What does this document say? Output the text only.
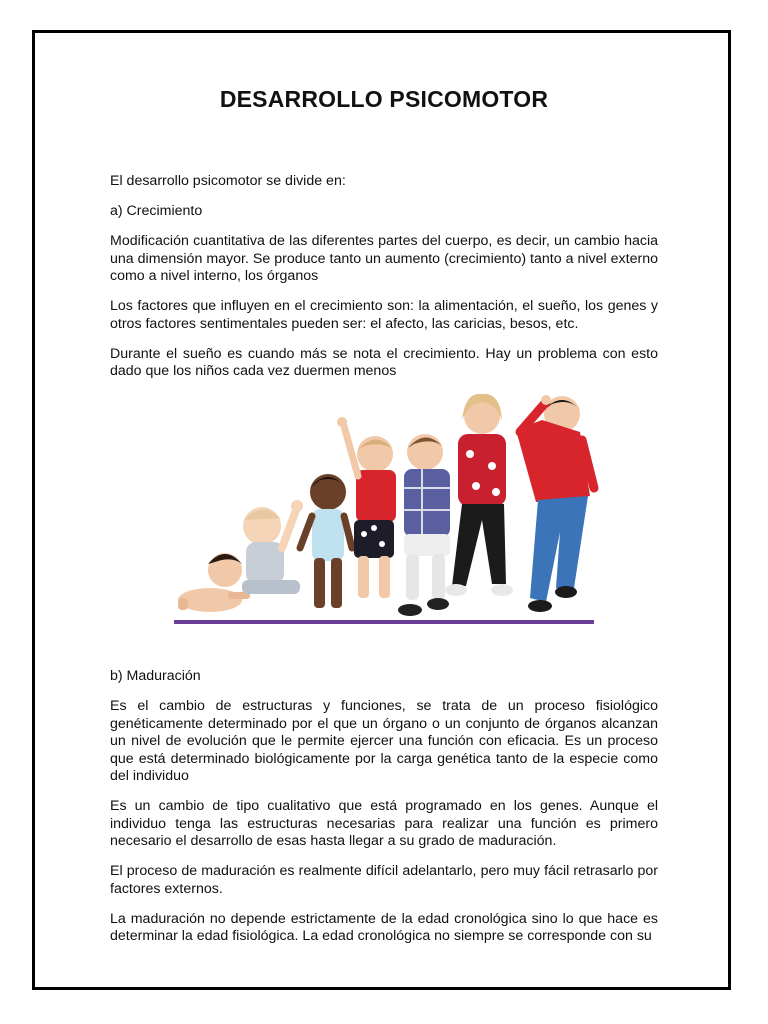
DESARROLLO PSICOMOTOR

El desarrollo psicomotor se divide en:

a) Crecimiento

Modificación cuantitativa de las diferentes partes del cuerpo, es decir, un cambio hacia una dimensión mayor. Se produce tanto un aumento (crecimiento) tanto a nivel externo como a nivel interno, los órganos

Los factores que influyen en el crecimiento son: la alimentación, el sueño, los genes y otros factores sentimentales pueden ser: el afecto, las caricias, besos, etc.

Durante el sueño es cuando más se nota el crecimiento. Hay un problema con esto dado que los niños cada vez duermen menos

b) Maduración

Es el cambio de estructuras y funciones, se trata de un proceso fisiológico genéticamente determinado por el que un órgano o un conjunto de órganos alcanzan un nivel de evolución que le permite ejercer una función con eficacia. Es un proceso que está determinado biológicamente por la carga genética tanto de la especie como del individuo

Es un cambio de tipo cualitativo que está programado en los genes. Aunque el individuo tenga las estructuras necesarias para realizar una función es primero necesario el desarrollo de esas hasta llegar a su grado de maduración.

El proceso de maduración es realmente difícil adelantarlo, pero muy fácil retrasarlo por factores externos.

La maduración no depende estrictamente de la edad cronológica sino lo que hace es determinar la edad fisiológica. La edad cronológica no siempre se corresponde con su
